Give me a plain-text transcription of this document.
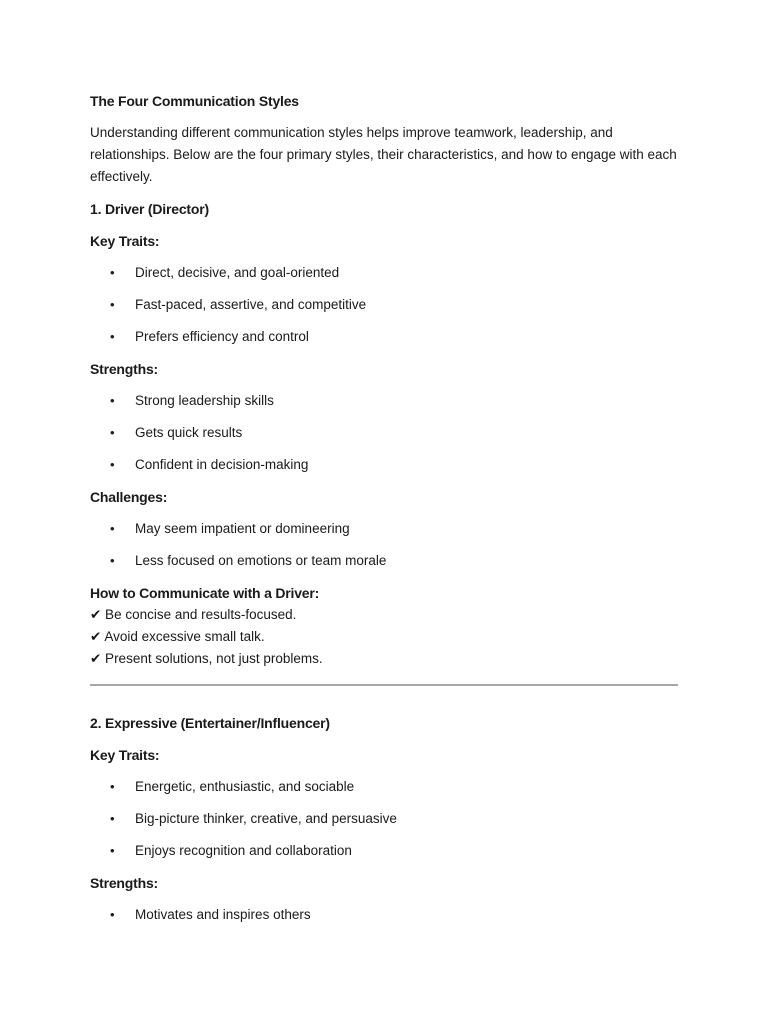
The Four Communication Styles
Understanding different communication styles helps improve teamwork, leadership, and relationships. Below are the four primary styles, their characteristics, and how to engage with each effectively.
1. Driver (Director)
Key Traits:
• Direct, decisive, and goal-oriented
• Fast-paced, assertive, and competitive
• Prefers efficiency and control
Strengths:
• Strong leadership skills
• Gets quick results
• Confident in decision-making
Challenges:
• May seem impatient or domineering
• Less focused on emotions or team morale
How to Communicate with a Driver:
✔ Be concise and results-focused.
✔ Avoid excessive small talk.
✔ Present solutions, not just problems.
2. Expressive (Entertainer/Influencer)
Key Traits:
• Energetic, enthusiastic, and sociable
• Big-picture thinker, creative, and persuasive
• Enjoys recognition and collaboration
Strengths:
• Motivates and inspires others
